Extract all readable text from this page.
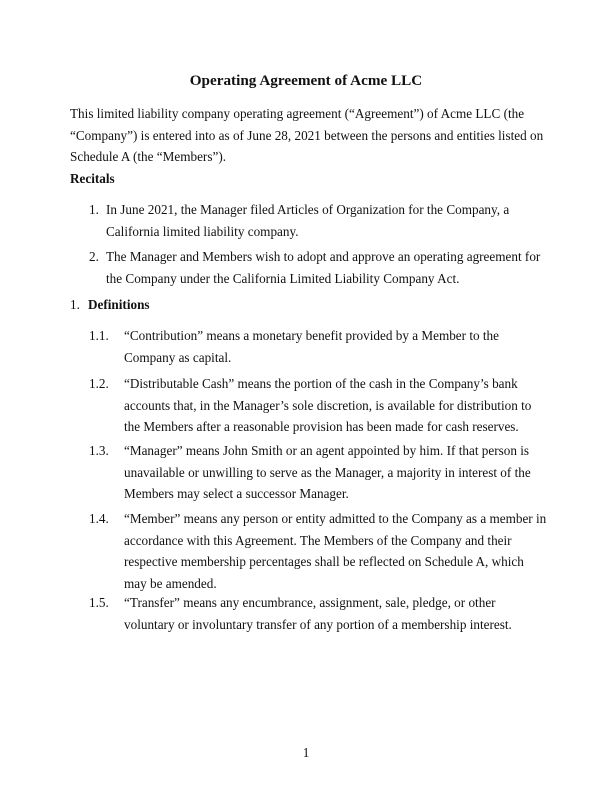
Operating Agreement of Acme LLC

This limited liability company operating agreement (“Agreement”) of Acme LLC (the “Company”) is entered into as of June 28, 2021 between the persons and entities listed on Schedule A (the “Members”).

Recitals

1. In June 2021, the Manager filed Articles of Organization for the Company, a California limited liability company.
2. The Manager and Members wish to adopt and approve an operating agreement for the Company under the California Limited Liability Company Act.
1. Definitions
1.1. “Contribution” means a monetary benefit provided by a Member to the Company as capital.
1.2. “Distributable Cash” means the portion of the cash in the Company’s bank accounts that, in the Manager’s sole discretion, is available for distribution to the Members after a reasonable provision has been made for cash reserves.
1.3. “Manager” means John Smith or an agent appointed by him. If that person is unavailable or unwilling to serve as the Manager, a majority in interest of the Members may select a successor Manager.
1.4. “Member” means any person or entity admitted to the Company as a member in accordance with this Agreement. The Members of the Company and their respective membership percentages shall be reflected on Schedule A, which may be amended.
1.5. “Transfer” means any encumbrance, assignment, sale, pledge, or other voluntary or involuntary transfer of any portion of a membership interest.
1
